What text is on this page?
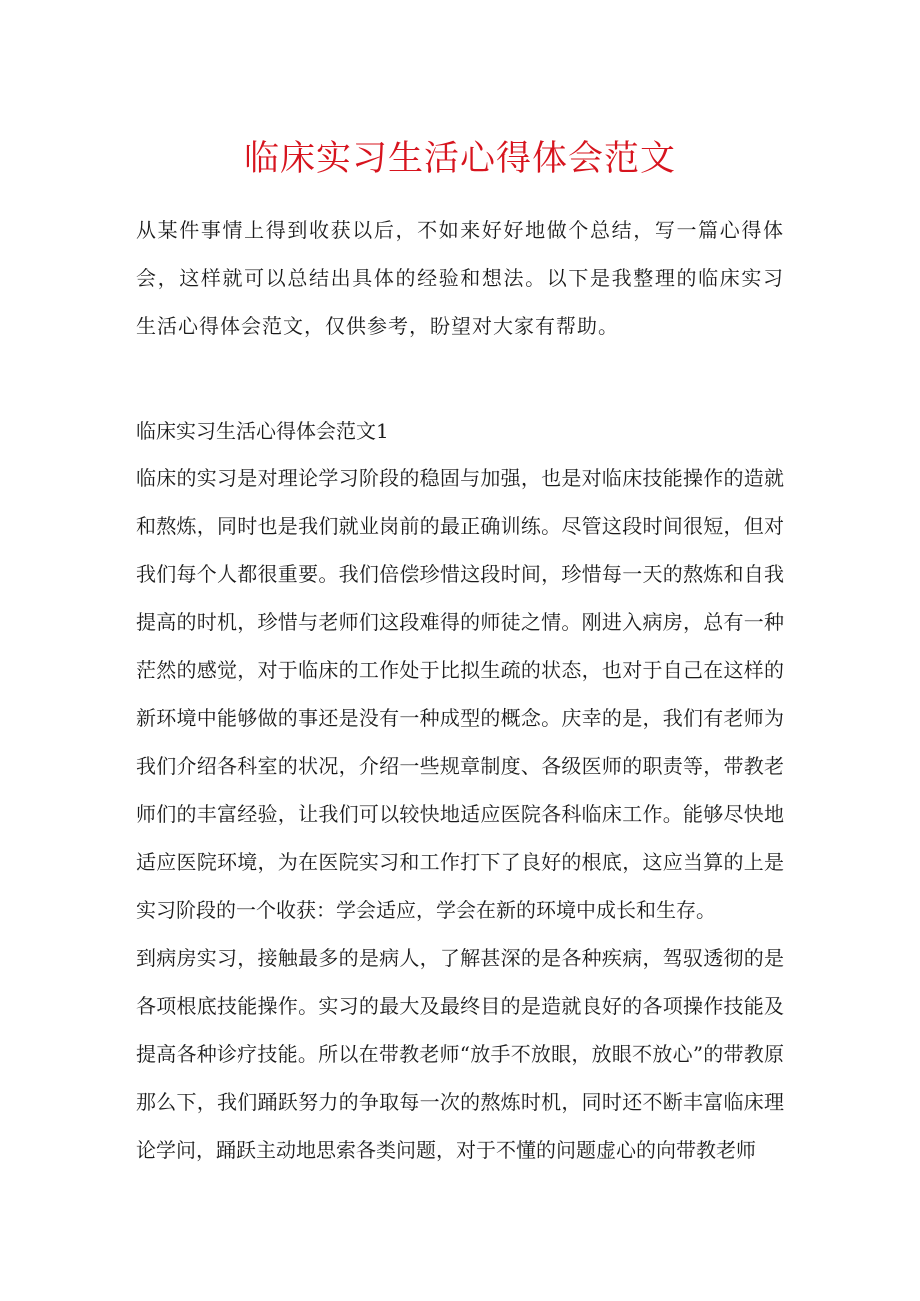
临床实习生活心得体会范文

从某件事情上得到收获以后，不如来好好地做个总结，写一篇心得体会，这样就可以总结出具体的经验和想法。以下是我整理的临床实习生活心得体会范文，仅供参考，盼望对大家有帮助。

临床实习生活心得体会范文1

临床的实习是对理论学习阶段的稳固与加强，也是对临床技能操作的造就和熬炼，同时也是我们就业岗前的最正确训练。尽管这段时间很短，但对我们每个人都很重要。我们倍偿珍惜这段时间，珍惜每一天的熬炼和自我提高的时机，珍惜与老师们这段难得的师徒之情。刚进入病房，总有一种茫然的感觉，对于临床的工作处于比拟生疏的状态，也对于自己在这样的新环境中能够做的事还是没有一种成型的概念。庆幸的是，我们有老师为我们介绍各科室的状况，介绍一些规章制度、各级医师的职责等，带教老师们的丰富经验，让我们可以较快地适应医院各科临床工作。能够尽快地适应医院环境，为在医院实习和工作打下了良好的根底，这应当算的上是实习阶段的一个收获：学会适应，学会在新的环境中成长和生存。

到病房实习，接触最多的是病人，了解甚深的是各种疾病，驾驭透彻的是各项根底技能操作。实习的最大及最终目的是造就良好的各项操作技能及提高各种诊疗技能。所以在带教老师“放手不放眼，放眼不放心”的带教原那么下，我们踊跃努力的争取每一次的熬炼时机，同时还不断丰富临床理论学问，踊跃主动地思索各类问题，对于不懂的问题虚心的向带教老师
